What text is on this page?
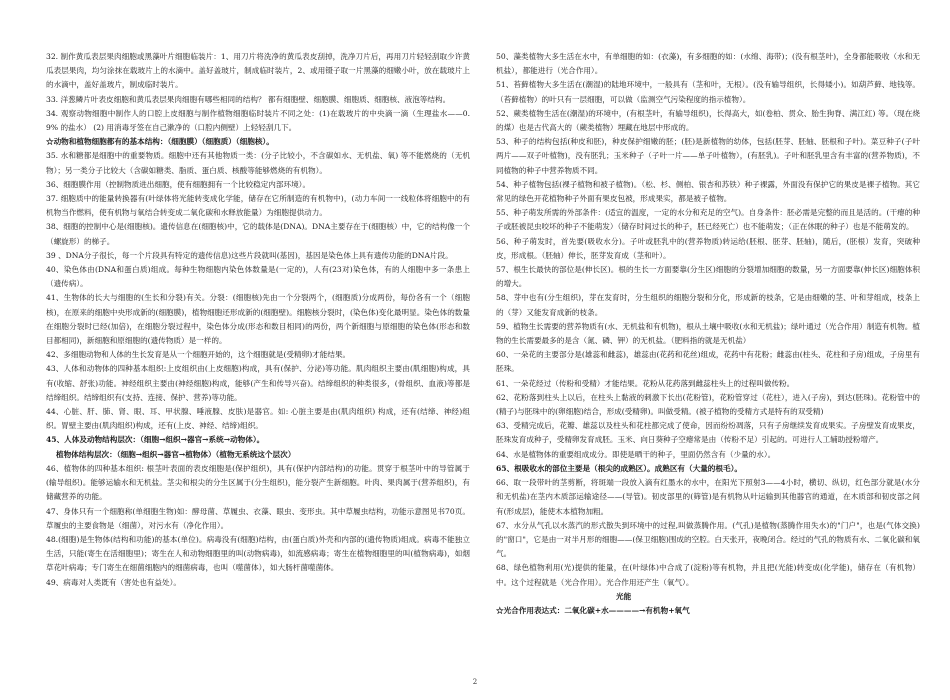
32. 制作黄瓜表层果肉细胞或黑藻叶片细胞临装片：1、用刀片将洗净的黄瓜表皮刮掉，洗净刀片后，再用刀片轻轻刮取少许黄瓜表层果肉，均匀涂抹在载玻片上的水滴中。盖好盖玻片，制成临时装片，2、或用镊子取一片黑藻的细嫩小叶，放在载玻片上的水滴中，盖好盖玻片，制成临时装片。

33. 洋葱鳞片叶表皮细胞和黄瓜表层果肉细胞有哪些相同的结构？ 都有细胞壁、细胞膜、细胞质、细胞核、液泡等结构。

34. 观察动物细胞中制作人的口腔上皮细胞与制作植物细胞临时装片不同之处：(1)在载玻片的中央滴一滴（生理盐水——0.9% 的盐水） (2) 用消毒牙签在自己漱净的（口腔内侧壁）上轻轻刮几下。

☆动物和植物细胞都有的基本结构：（细胞膜）（细胞质）（细胞核）。

35. 水和糖都是细胞中的重要物质。细胞中还有其他物质一类：(分子比较小，不含碳如水、无机盐、氧) 等不能燃烧的（无机物）；另一类分子比较大（含碳如糖类、脂质、蛋白质、核酸等能够燃烧的有机物）。

36、细胞膜作用（控制物质进出细胞，使有细胞拥有一个比较稳定内部环境）。

37. 细胞质中的能量转换器有(叶绿体将光能转变成化学能，储存在它所制造的有机物中)，(动力车间一一线粒体将细胞中的有机物当作燃料，使有机物与氧结合转变成二氧化碳和水释放能量）为细胞提供动力。

38、细胞的控制中心是(细胞核)。遗传信息在(细胞核)中，它的载体是(DNA)。DNA主要存在于(细胞核）中，它的结构像一个（螺旋形）的梯子。

39 、DNA分子很长，每一个片段具有特定的遗传信息)这些片段就叫(基因)，基因是染色体上具有遗传功能的DNA片段。

40、染色体由(DNA和蛋白质)组成。每种生物细胞内染色体数量是(一定的)，人有(23对)染色体，有的人细胞中多一条患上（遗传病）。

41、生物体的长大与细胞的(生长和分裂)有关。分裂：(细胞核)先由一个分裂两个，(细胞质)分成两份，每份各有一个（细胞核)，在原来的细胞中央形成新的(细胞膜)，植物细胞还形成新的(细胞壁)。细胞核分裂时，(染色体)变化最明显。染色体的数量在细胞分裂时已经(加倍)，在细胞分裂过程中，染色体分成(形态和数目相同)的两份，两个新细胞与原细胞的染色体(形态和数目都相同)，新细胞和原细胞的(遗传物质）是一样的。

42、多细胞动物和人体的生长发育是从一个细胞开始的，这个细胞就是(受精卵)才能结果。

43、人体和动物体的四种基本组织:上皮组织由(上皮细胞)构成，具有(保护、分泌)等功能。肌肉组织主要由(肌细胞)构成，具有(收缩、舒张)功能。神经组织主要由(神经细胞)构成，能够(产生和传导兴奋)。结缔组织的种类很多，(骨组织、血液)等都是结缔组织。结缔组织有(支持、连接、保护、营养)等功能。

44、心脏、肝、肺、肾、眼、耳、甲状腺、唾液腺、皮肤)是器官。如: 心脏主要是由(肌肉组织) 构成，还有(结缔、神经)组织。胃壁主要由(肌肉组织)构成，还有(上皮、神经、结缔)组织。

45、人体及动物结构层次：（细胞→组织→器官→系统→动物体）。

植物体结构层次：（细胞→组织→器官→植物体）（植物无系统这个层次）

46、植物体的四种基本组织: 根茎叶表面的表皮细胞是(保护组织)，具有(保护内部结构)的功能。贯穿于根茎叶中的导管属于(输导组织)。能够运输水和无机盐。茎尖和根尖的分生区属于(分生组织)，能分裂产生新细胞。叶肉、果肉属于(营养组织)，有储藏营养的功能。

47、身体只有一个细胞称(单细胞生物)如：酵母菌、草履虫、衣藻、眼虫、变形虫。其中草履虫结构，功能示意图见书70页。草履虫的主要食物是（细菌），对污水有（净化作用）。

48.(细胞)是生物体(结构和功能)的基本(单位)。病毒没有(细胞)结构，由(蛋白质)外壳和内部的(遗传物质)组成。病毒不能独立生活，只能(寄生在活细胞里)；寄生在人和动物细胞里的叫(动物病毒)，如流感病毒；寄生在植物细胞里的叫(植物病毒)，如烟草花叶病毒；专门寄生在细菌细胞内的细菌病毒，也叫（噬菌体），如大肠杆菌噬菌体。

49、病毒对人类既有（害处也有益处）。

50、藻类植物大多生活在水中，有单细胞的如：(衣藻)，有多细胞的如：(水绵、海带)；(没有根茎叶)，全身都能吸收（水和无机盐），都能进行（光合作用）。

51、苔藓植物大多生活在(潮湿)的陆地环境中，一般具有（茎和叶，无根）。(没有输导组织，长得矮小)。如葫芦藓、地钱等。（苔藓植物）的叶只有一层细胞，可以做（监测空气污染程度的指示植物）。

52、蕨类植物生活在(潮湿)的环境中，(有根茎叶，有输导组织)，长得高大，如(卷柏、贯众、胎生狗脊、满江红) 等。（现在烧的煤）也是古代高大的（蕨类植物）埋藏在地层中形成的。

53、种子的结构包括(种皮和胚)，种皮保护细嫩的胚；(胚)是新植物的幼体，包括(胚芽、胚轴、胚根和子叶)。菜豆种子(子叶两片——双子叶植物)，没有胚乳；玉米种子（子叶一片——单子叶植物），(有胚乳)。子叶和胚乳里含有丰富的(营养物质)，不同植物的种子中营养物质不同。

54、种子植物包括(裸子植物和被子植物)。（松、杉、侧柏、银杏和苏铁）种子裸露，外面没有保护它的果皮是裸子植物。其它常见的绿色开花植物种子外面有果皮包被，形成果实，都是被子植物。

55、种子萌发所需的外部条件：(适宜的温度，一定的水分和充足的空气)。自身条件：胚必需是完整的而且是活的。(干瘪的种子或胚被昆虫咬坏的种子不能萌发）（储存时间过长的种子，胚已经死亡）也不能萌发；（正在休眠的种子）也是不能萌发的。

56、种子萌发时，首先要(吸收水分)。子叶或胚乳中的(营养物质)转运给(胚根、胚芽、胚轴)，随后，(胚根）发育，突破种皮，形成根。（胚轴）伸长，胚芽发育成（茎和叶）。

57、根生长最快的部位是(伸长区)。根的生长一方面要靠(分生区)细胞的分裂增加细胞的数量，另一方面要靠(伸长区)细胞体积的增大。

58、芽中也有(分生组织)，芽在发育时，分生组织的细胞分裂和分化，形成新的枝条，它是由细嫩的茎、叶和芽组成，枝条上的（芽）又能发育成新的枝条。

59、植物生长需要的营养物质有(水、无机盐和有机物)，根从土壤中吸收(水和无机盐)；绿叶通过（光合作用）制造有机物。植物的生长需要最多的是含（氮、磷、钾）的无机盐。（肥料指的就是无机盐）

60、一朵花的主要部分是(雄蕊和雌蕊)，雄蕊由(花药和花丝)组成，花药中有花粉；雌蕊由(柱头、花柱和子房)组成，子房里有胚珠。

61、一朵花经过（传粉和受精）才能结果。花粉从花药落到雌蕊柱头上的过程叫做传粉。

62、花粉落到柱头上以后，在柱头上黏液的刺激下长出(花粉管)，花粉管穿过（花柱），进入(子房)，到达(胚珠)。花粉管中的(精子)与胚珠中的(卵细胞)结合，形成(受精卵)。叫做受精。(被子植物的受精方式是特有的双受精)

63、受精完成后，花瓣、雄蕊以及柱头和花柱都完成了使命，因而纷纷凋落，只有子房继续发育成果实。子房壁发育成果皮，胚珠发育成种子，受精卵发育成胚。玉米、向日葵种子空瘪常是由（传粉不足）引起的。可进行人工辅助授粉增产。

64、水是植物体的重要组成成分。即使是晒干的种子，里面仍然含有（少量的水）。

65、根吸收水的部位主要是（根尖的成熟区）。成熟区有（大量的根毛）。

66、取一段带叶的茎剪断，将斑端一段放入滴有红墨水的水中，在阳光下照射3——4小时，横切、纵切，红色部分就是(水分和无机盐)在茎内木质部运输途径——(导管)。韧皮部里的(筛管)是有机物从叶运输到其他器官的通道，在木质部和韧皮部之间有(形成层)，能使木本植物加粗。

67、水分从气孔以水蒸汽的形式散失到环境中的过程,叫做蒸腾作用。(气孔)是植物(蒸腾作用失水)的"门户"，也是(气体交换)的"窗口"，它是由一对半月形的细胞——(保卫细胞)围成的空腔。白天张开，夜晚闭合。经过的气孔的物质有水、二氧化碳和氧气。

68、绿色植物利用(光)提供的能量，在(叶绿体)中合成了(淀粉)等有机物，并且把(光能)转变成(化学能)，储存在（有机物）中。这个过程就是（光合作用）。光合作用还产生（氧气）。

光能

☆光合作用表达式：二氧化碳+水————→有机物+氧气

2
